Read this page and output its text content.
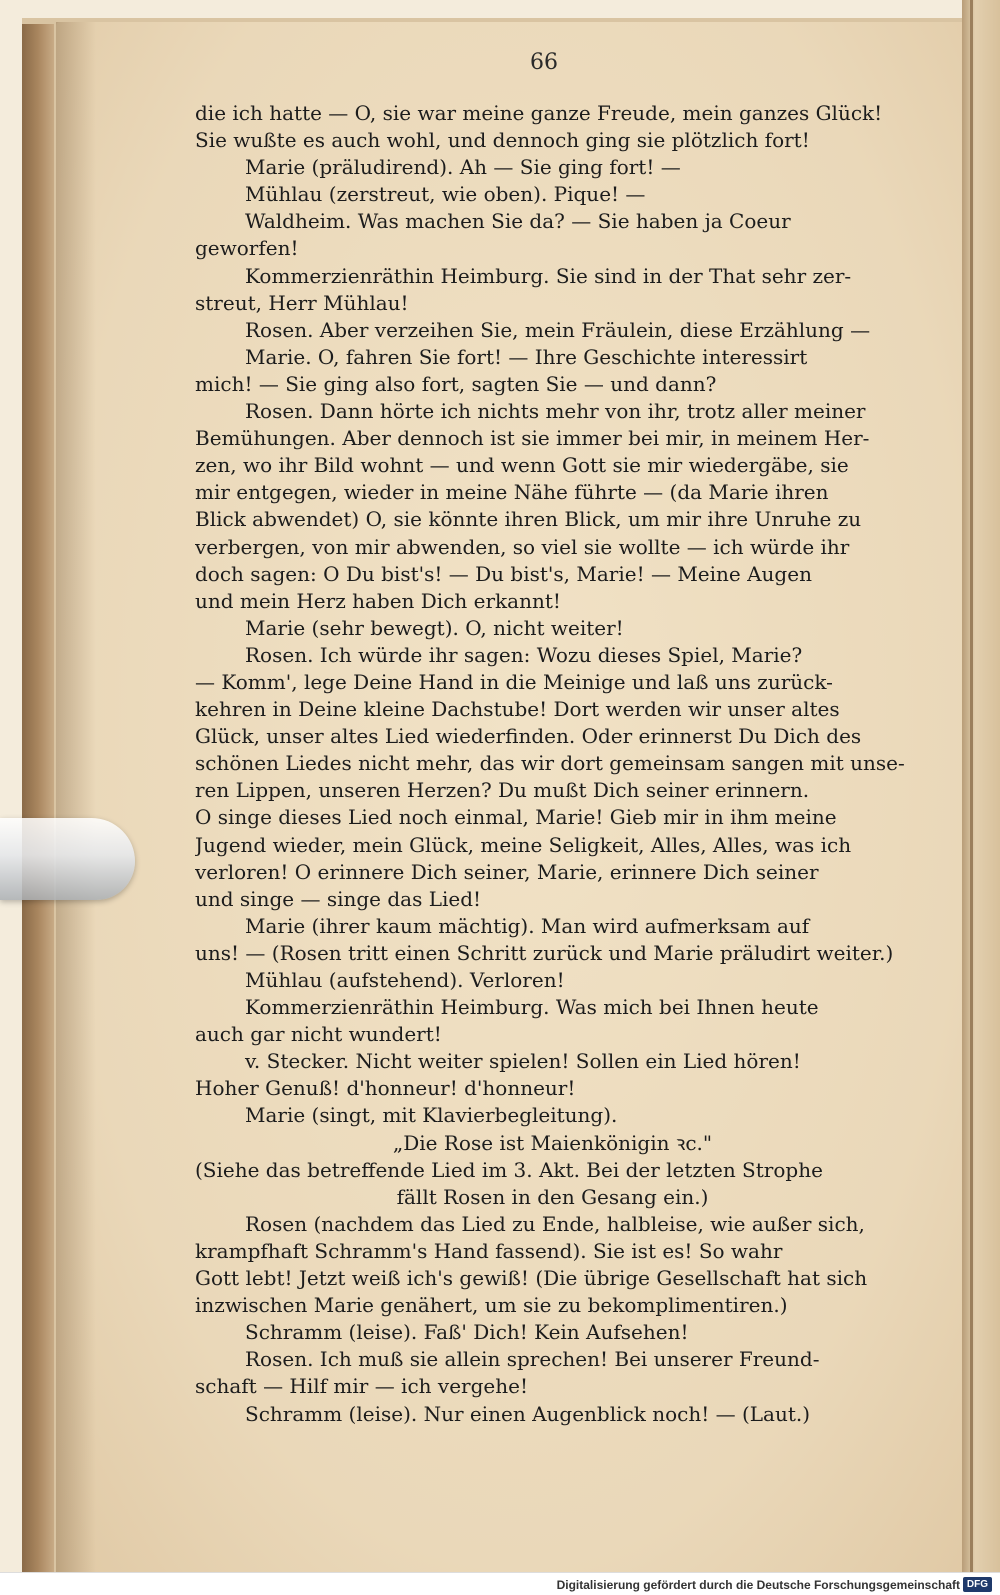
66
die ich hatte — O, sie war meine ganze Freude, mein ganzes Glück!
Sie wußte es auch wohl, und dennoch ging sie plötzlich fort!
Marie (präludirend). Ah — Sie ging fort! —
Mühlau (zerstreut, wie oben). Pique! —
Waldheim. Was machen Sie da? — Sie haben ja Coeur
geworfen!
Kommerzienräthin Heimburg. Sie sind in der That sehr zer-
streut, Herr Mühlau!
Rosen. Aber verzeihen Sie, mein Fräulein, diese Erzählung —
Marie. O, fahren Sie fort! — Ihre Geschichte interessirt
mich! — Sie ging also fort, sagten Sie — und dann?
Rosen. Dann hörte ich nichts mehr von ihr, trotz aller meiner
Bemühungen. Aber dennoch ist sie immer bei mir, in meinem Her-
zen, wo ihr Bild wohnt — und wenn Gott sie mir wiedergäbe, sie
mir entgegen, wieder in meine Nähe führte — (da Marie ihren
Blick abwendet) O, sie könnte ihren Blick, um mir ihre Unruhe zu
verbergen, von mir abwenden, so viel sie wollte — ich würde ihr
doch sagen: O Du bist's! — Du bist's, Marie! — Meine Augen
und mein Herz haben Dich erkannt!
Marie (sehr bewegt). O, nicht weiter!
Rosen. Ich würde ihr sagen: Wozu dieses Spiel, Marie?
— Komm', lege Deine Hand in die Meinige und laß uns zurück-
kehren in Deine kleine Dachstube! Dort werden wir unser altes
Glück, unser altes Lied wiederfinden. Oder erinnerst Du Dich des
schönen Liedes nicht mehr, das wir dort gemeinsam sangen mit unse-
ren Lippen, unseren Herzen? Du mußt Dich seiner erinnern.
O singe dieses Lied noch einmal, Marie! Gieb mir in ihm meine
Jugend wieder, mein Glück, meine Seligkeit, Alles, Alles, was ich
verloren! O erinnere Dich seiner, Marie, erinnere Dich seiner
und singe — singe das Lied!
Marie (ihrer kaum mächtig). Man wird aufmerksam auf
uns! — (Rosen tritt einen Schritt zurück und Marie präludirt weiter.)
Mühlau (aufstehend). Verloren!
Kommerzienräthin Heimburg. Was mich bei Ihnen heute
auch gar nicht wundert!
v. Stecker. Nicht weiter spielen! Sollen ein Lied hören!
Hoher Genuß! d'honneur! d'honneur!
Marie (singt, mit Klavierbegleitung).
„Die Rose ist Maienkönigin ꝛc."
(Siehe das betreffende Lied im 3. Akt. Bei der letzten Strophe
fällt Rosen in den Gesang ein.)
Rosen (nachdem das Lied zu Ende, halbleise, wie außer sich,
krampfhaft Schramm's Hand fassend). Sie ist es! So wahr
Gott lebt! Jetzt weiß ich's gewiß! (Die übrige Gesellschaft hat sich
inzwischen Marie genähert, um sie zu bekomplimentiren.)
Schramm (leise). Faß' Dich! Kein Aufsehen!
Rosen. Ich muß sie allein sprechen! Bei unserer Freund-
schaft — Hilf mir — ich vergehe!
Schramm (leise). Nur einen Augenblick noch! — (Laut.)
Digitalisierung gefördert durch die Deutsche Forschungsgemeinschaft DFG
